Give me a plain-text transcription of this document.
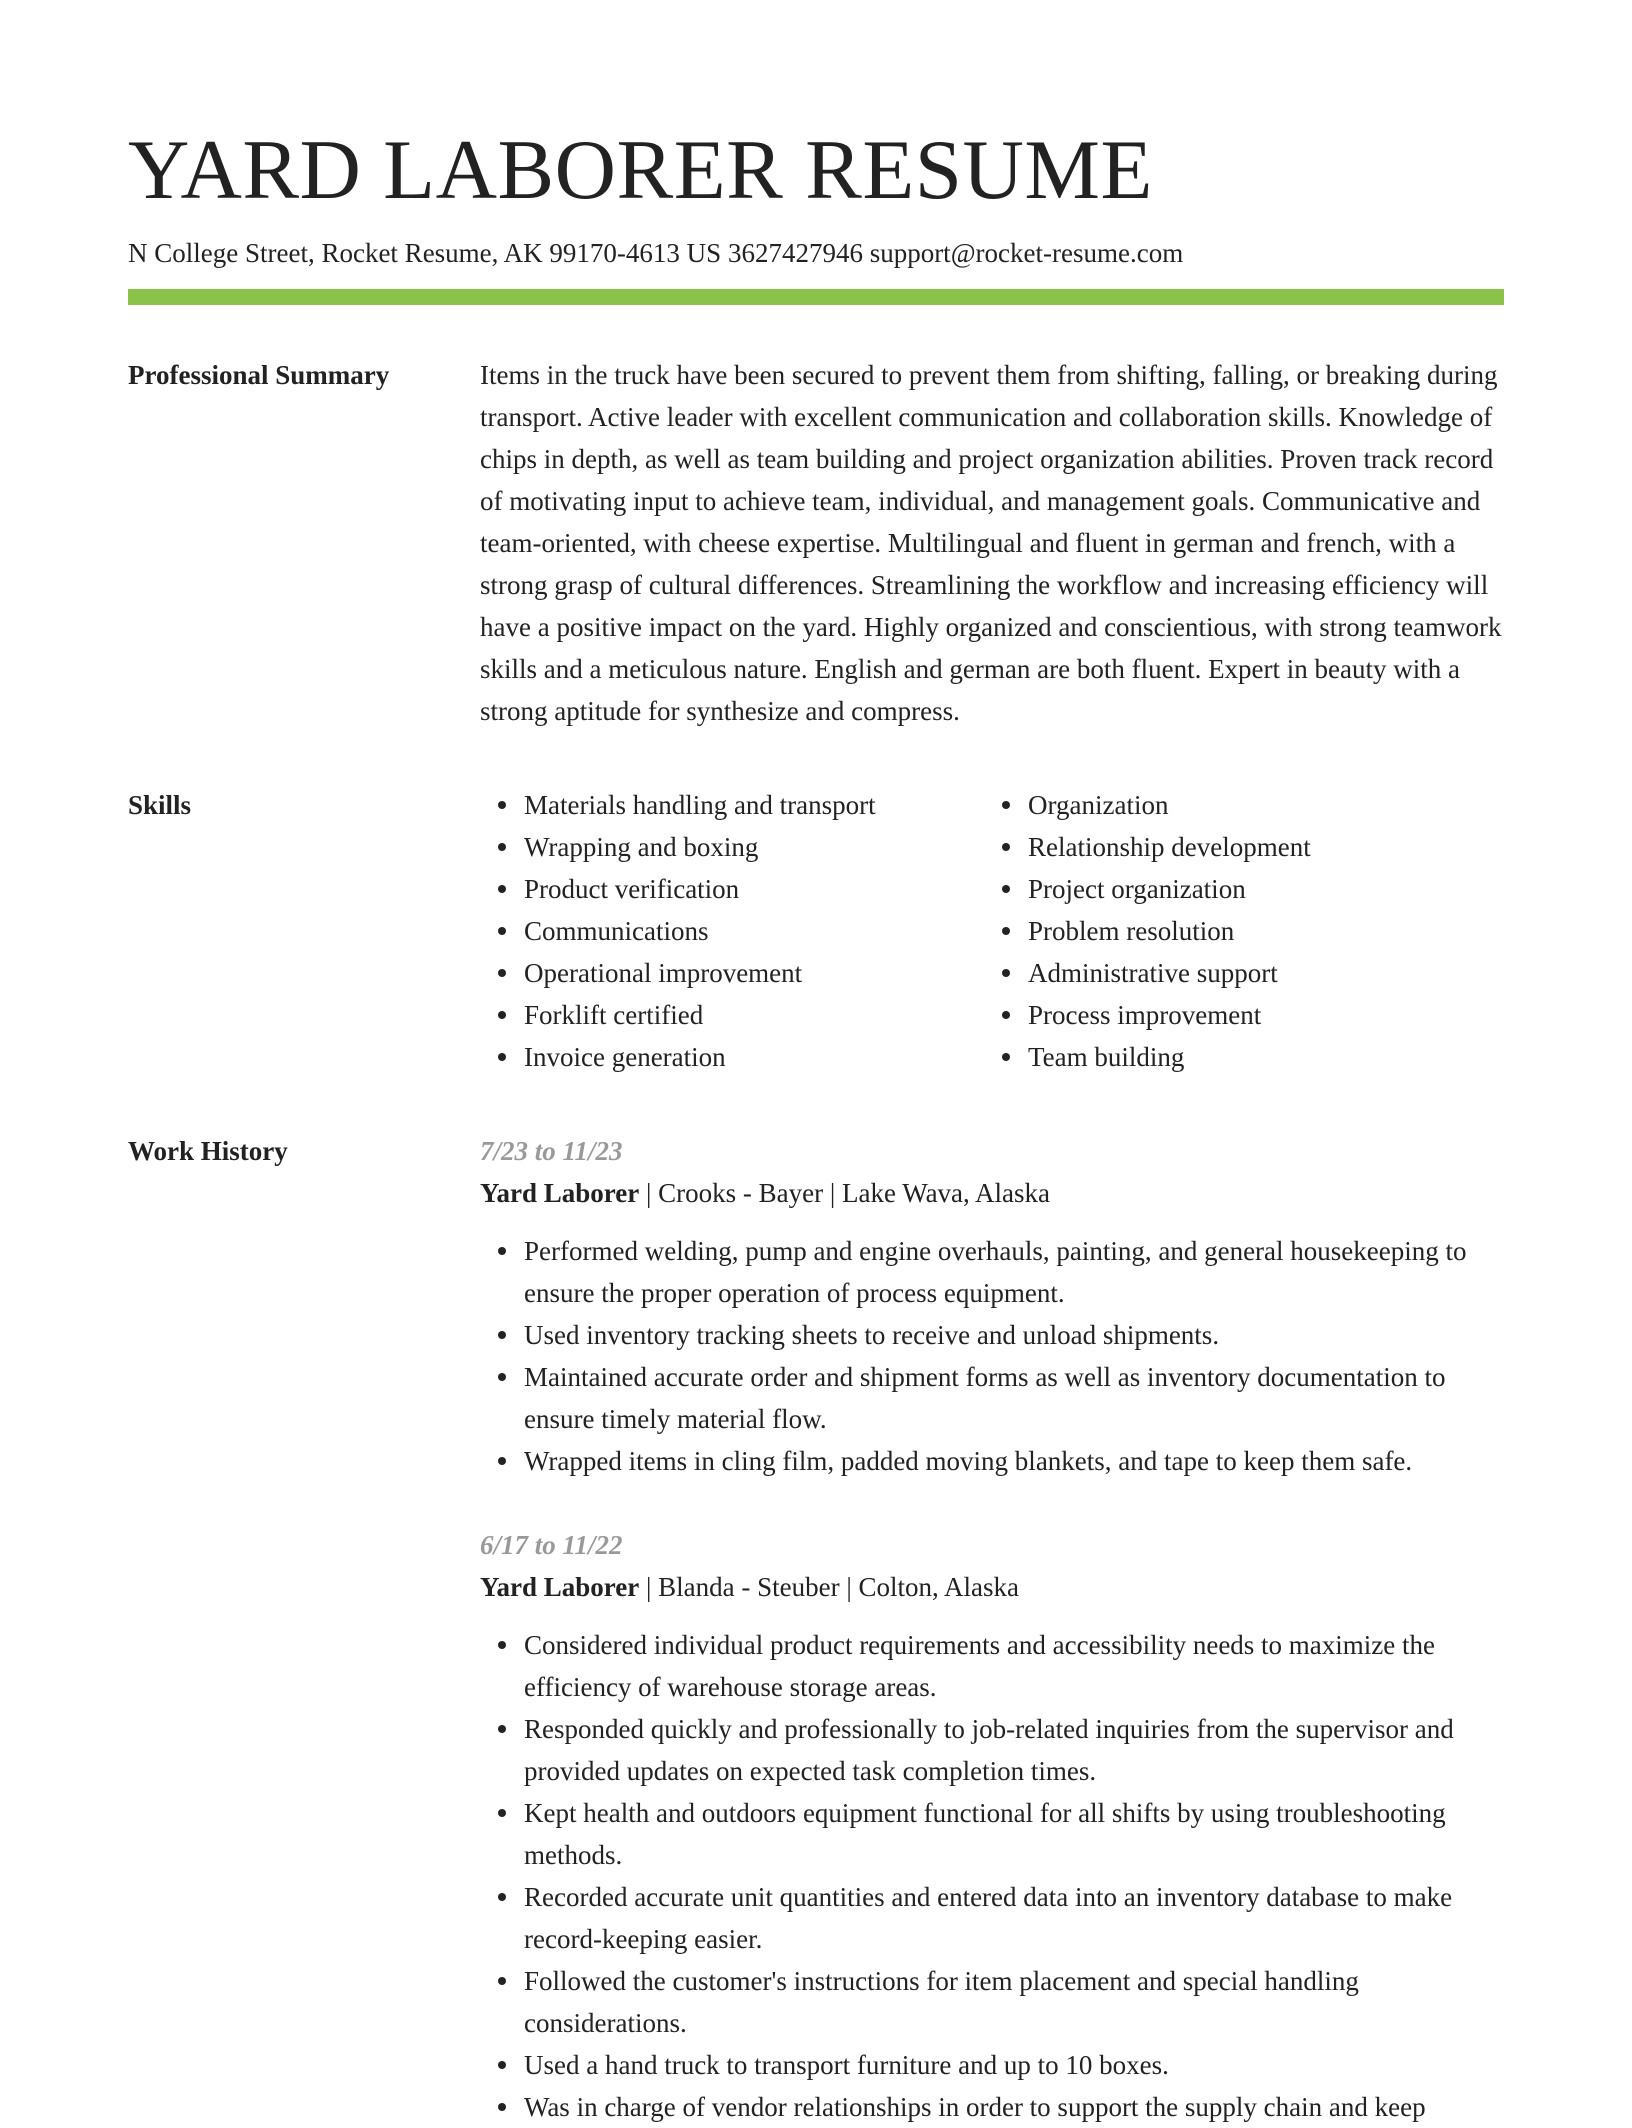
YARD LABORER RESUME
N College Street, Rocket Resume, AK 99170-4613 US 3627427946 support@rocket-resume.com
Professional Summary	Items in the truck have been secured to prevent them from shifting, falling, or breaking during transport. Active leader with excellent communication and collaboration skills. Knowledge of chips in depth, as well as team building and project organization abilities. Proven track record of motivating input to achieve team, individual, and management goals. Communicative and team-oriented, with cheese expertise. Multilingual and fluent in german and french, with a strong grasp of cultural differences. Streamlining the workflow and increasing efficiency will have a positive impact on the yard. Highly organized and conscientious, with strong teamwork skills and a meticulous nature. English and german are both fluent. Expert in beauty with a strong aptitude for synthesize and compress.

Skills	Materials handling and transport
Wrapping and boxing
Product verification
Communications
Operational improvement
Forklift certified
Invoice generation
Organization
Relationship development
Project organization
Problem resolution
Administrative support
Process improvement
Team building
Work History	7/23 to 11/23
Yard Laborer | Crooks - Bayer | Lake Wava, Alaska
Performed welding, pump and engine overhauls, painting, and general housekeeping to ensure the proper operation of process equipment.
Used inventory tracking sheets to receive and unload shipments.
Maintained accurate order and shipment forms as well as inventory documentation to ensure timely material flow.
Wrapped items in cling film, padded moving blankets, and tape to keep them safe.
6/17 to 11/22
Yard Laborer | Blanda - Steuber | Colton, Alaska
Considered individual product requirements and accessibility needs to maximize the efficiency of warehouse storage areas.
Responded quickly and professionally to job-related inquiries from the supervisor and provided updates on expected task completion times.
Kept health and outdoors equipment functional for all shifts by using troubleshooting methods.
Recorded accurate unit quantities and entered data into an inventory database to make record-keeping easier.
Followed the customer's instructions for item placement and special handling considerations.
Used a hand truck to transport furniture and up to 10 boxes.
Was in charge of vendor relationships in order to support the supply chain and keep
